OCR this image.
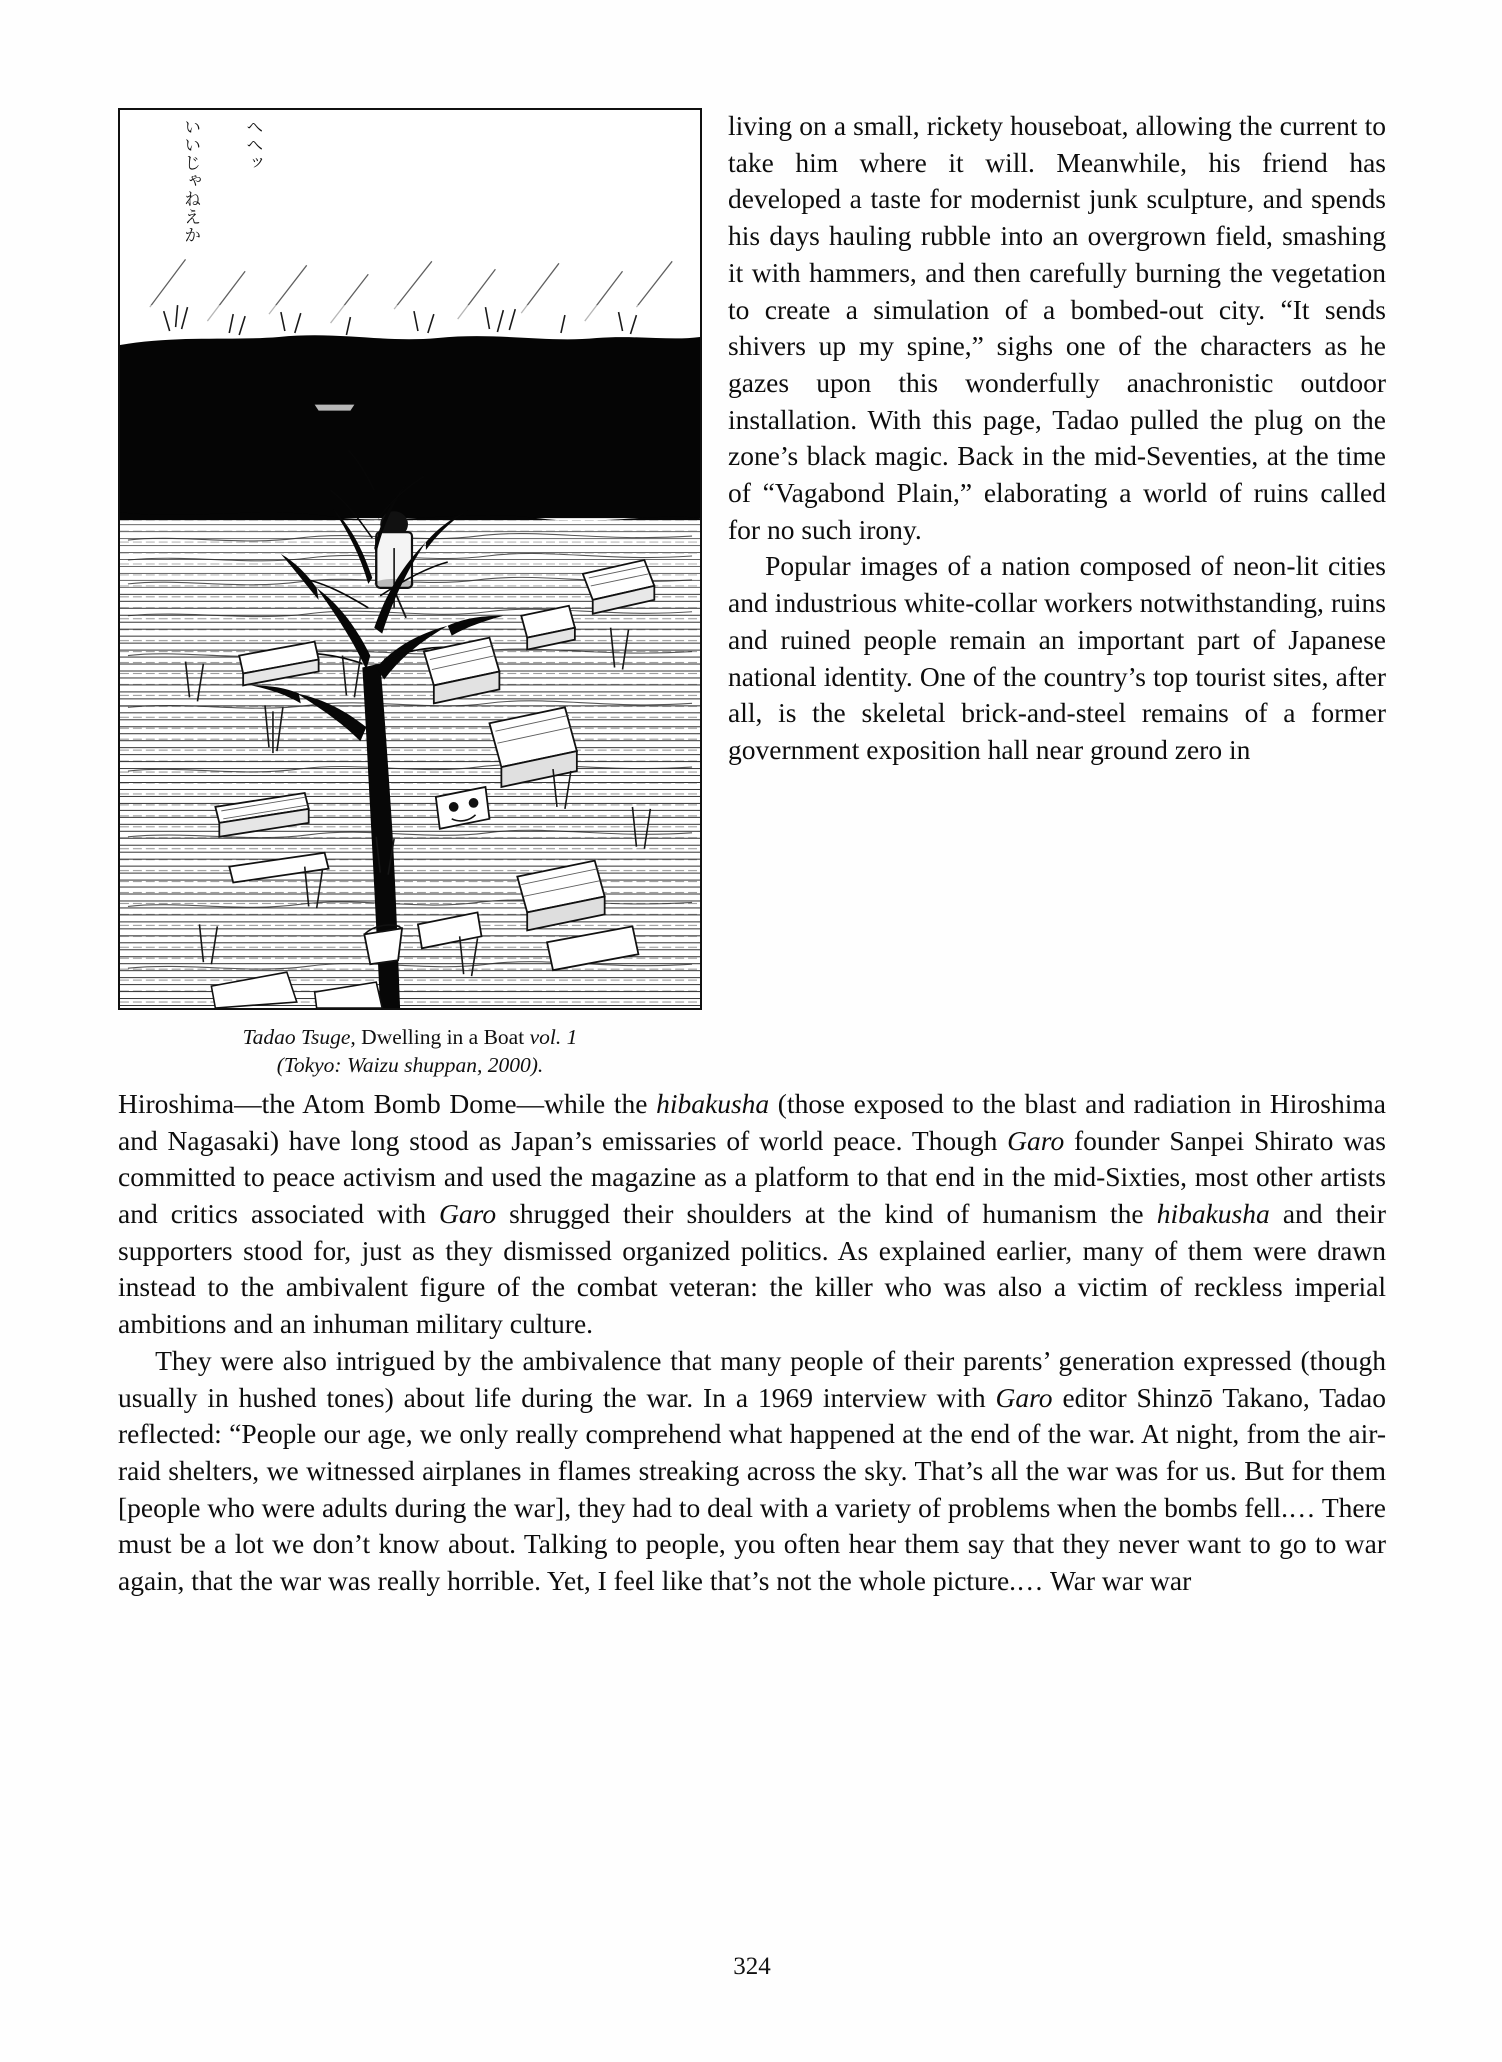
へへッ

いいじゃねえか

Tadao Tsuge, Dwelling in a Boat vol. 1
(Tokyo: Waizu shuppan, 2000).

living on a small, rickety houseboat, allowing the current to take him where it will. Meanwhile, his friend has developed a taste for modernist junk sculpture, and spends his days hauling rubble into an overgrown field, smashing it with hammers, and then carefully burning the vegetation to create a simulation of a bombed-out city. “It sends shivers up my spine,” sighs one of the characters as he gazes upon this wonderfully anachronistic outdoor installation. With this page, Tadao pulled the plug on the zone’s black magic. Back in the mid-Seventies, at the time of “Vagabond Plain,” elaborating a world of ruins called for no such irony.

Popular images of a nation composed of neon-lit cities and industrious white-collar workers notwithstanding, ruins and ruined people remain an important part of Japanese national identity. One of the country’s top tourist sites, after all, is the skeletal brick-and-steel remains of a former government exposition hall near ground zero in

Hiroshima—the Atom Bomb Dome—while the hibakusha (those exposed to the blast and radiation in Hiroshima and Nagasaki) have long stood as Japan’s emissaries of world peace. Though Garo founder Sanpei Shirato was committed to peace activism and used the magazine as a platform to that end in the mid-Sixties, most other artists and critics associated with Garo shrugged their shoulders at the kind of humanism the hibakusha and their supporters stood for, just as they dismissed organized politics. As explained earlier, many of them were drawn instead to the ambivalent figure of the combat veteran: the killer who was also a victim of reckless imperial ambitions and an inhuman military culture.

They were also intrigued by the ambivalence that many people of their parents’ generation expressed (though usually in hushed tones) about life during the war. In a 1969 interview with Garo editor Shinzō Takano, Tadao reflected: “People our age, we only really comprehend what happened at the end of the war. At night, from the air-raid shelters, we witnessed airplanes in flames streaking across the sky. That’s all the war was for us. But for them [people who were adults during the war], they had to deal with a variety of problems when the bombs fell.… There must be a lot we don’t know about. Talking to people, you often hear them say that they never want to go to war again, that the war was really horrible. Yet, I feel like that’s not the whole picture.… War war war

324
